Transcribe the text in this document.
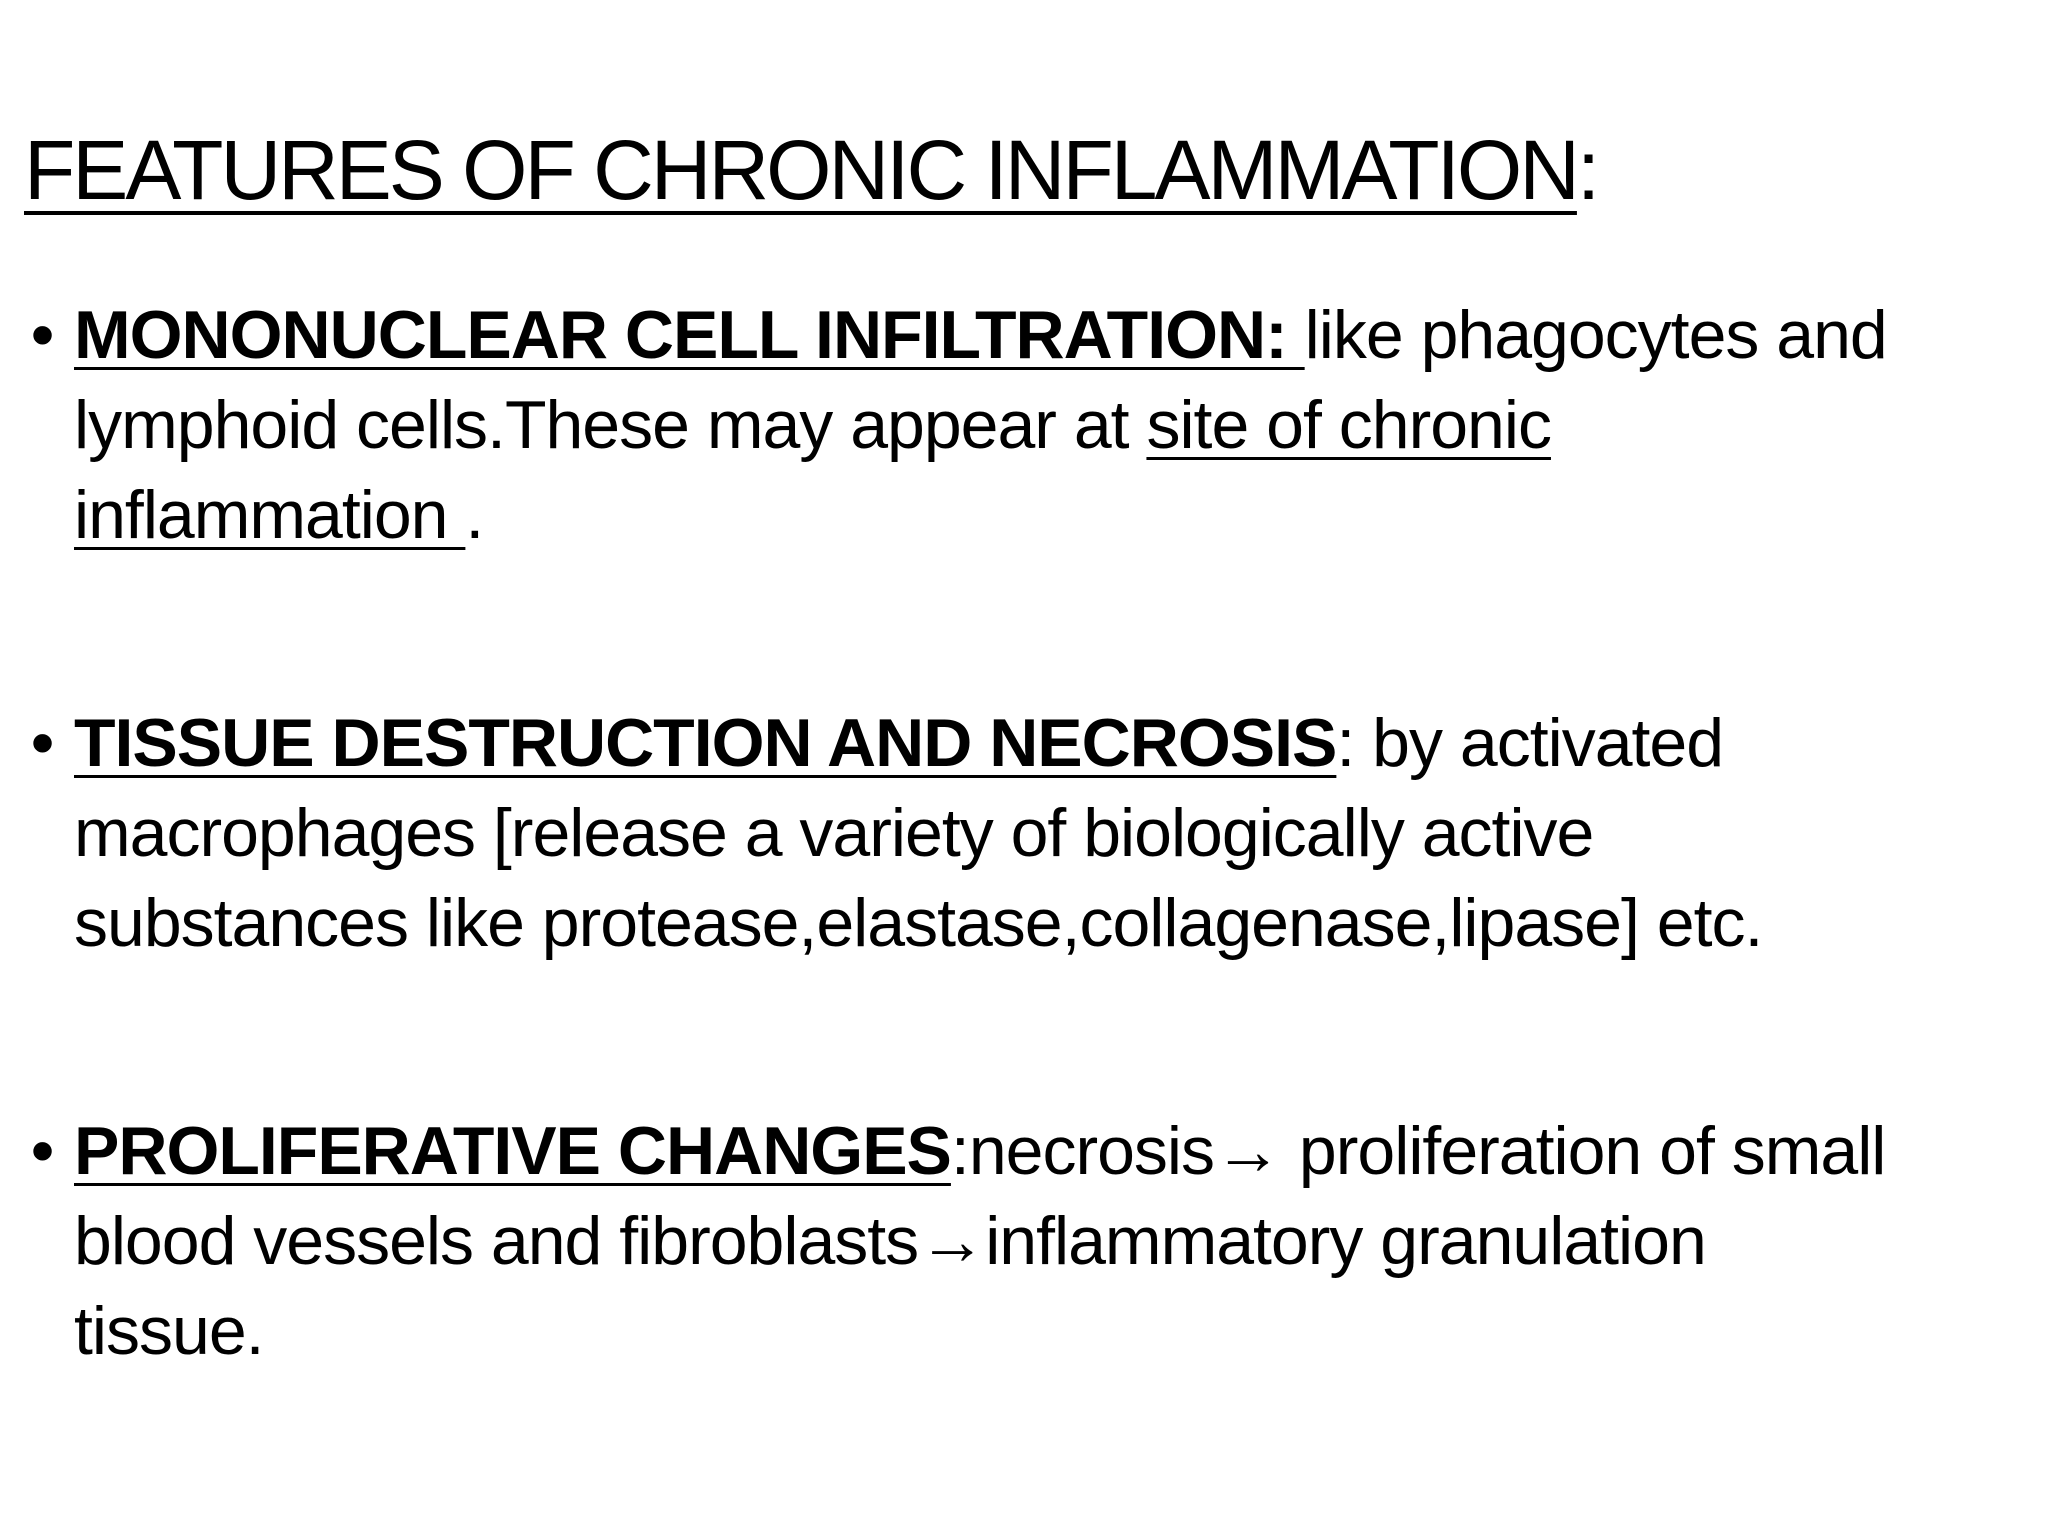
FEATURES OF CHRONIC INFLAMMATION:
• MONONUCLEAR CELL INFILTRATION: like phagocytes and
lymphoid cells.These may appear at site of chronic
inflammation .
• TISSUE DESTRUCTION AND NECROSIS: by activated
macrophages [release a variety of biologically active
substances like protease,elastase,collagenase,lipase] etc.
• PROLIFERATIVE CHANGES:necrosis→ proliferation of small
blood vessels and fibroblasts→inflammatory granulation
tissue.
